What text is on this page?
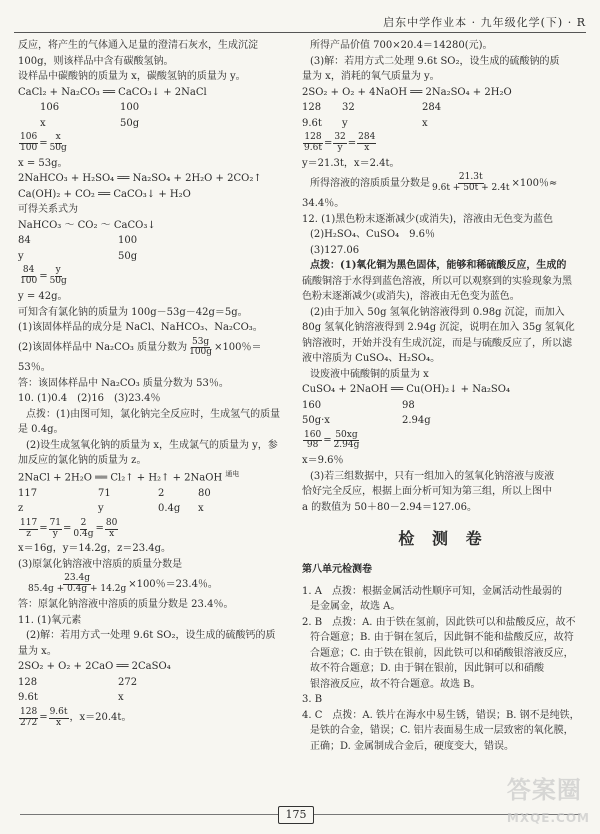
启东中学作业本 · 九年级化学(下) · R

反应，将产生的气体通入足量的澄清石灰水，生成沉淀

100g，则该样品中含有碳酸氢钠。

设样品中碳酸钠的质量为 x，碳酸氢钠的质量为 y。

CaCl₂ + Na₂CO₃ ══ CaCO₃↓ + 2NaCl

106	100
x	50g
$\frac{106}{100} = \frac{x}{50g}$

x = 53g。

2NaHCO₃ + H₂SO₄ ══ Na₂SO₄ + 2H₂O + 2CO₂↑

Ca(OH)₂ + CO₂ ══ CaCO₃↓ + H₂O

可得关系式为

NaHCO₃ ～ CO₂ ～ CaCO₃↓

84	100
y	50g
$\frac{84}{100} = \frac{y}{50g}$

y = 42g。

可知含有氯化钠的质量为 100g－53g－42g＝5g。

(1)该固体样品的成分是 NaCl、NaHCO₃、Na₂CO₃。

(2)该固体样品中 Na₂CO₃ 质量分数为 $\frac{53g}{100g} \times 100$％＝

53％。

答：该固体样品中 Na₂CO₃ 质量分数为 53％。

10. (1)0.4　(2)16　(3)23.4％

点拨：(1)由图可知，氯化钠完全反应时，生成氢气的质量

是 0.4g。

(2)设生成氢氧化钠的质量为 x，生成氯气的质量为 y，参

加反应的氯化钠的质量为 z。

2NaCl + 2H₂O ══ Cl₂↑ + H₂↑ + 2NaOH $^{通电}$

117	71	2	80
z	y	0.4g	x
$\frac{117}{z} = \frac{71}{y} = \frac{2}{0.4g} = \frac{80}{x}$

x＝16g，y＝14.2g，z＝23.4g。

(3)原氯化钠溶液中溶质的质量分数是

$\frac{23.4g}{85.4g + 0.4g + 14.2g} \times 100$％＝23.4％。

答：原氯化钠溶液中溶质的质量分数是 23.4％。

11. (1)氧元素

(2)解：若用方式一处理 9.6t SO₂，设生成的硫酸钙的质

量为 x。

2SO₂ + O₂ + 2CaO ══ 2CaSO₄

128	272
9.6t	x
$\frac{128}{272} = \frac{9.6t}{x}$ ，x＝20.4t。

所得产品价值 700×20.4＝14280(元)。

(3)解：若用方式二处理 9.6t SO₂，设生成的硫酸钠的质

量为 x，消耗的氧气质量为 y。

2SO₂ + O₂ + 4NaOH ══ 2Na₂SO₄ + 2H₂O

128	32	284
9.6t	y	x
$\frac{128}{9.6t} = \frac{32}{y} = \frac{284}{x}$

y＝21.3t，x＝2.4t。

所得溶液的溶质质量分数是 $\frac{21.3t}{9.6t + 50t + 2.4t} \times 100$％≈

34.4％。

12. (1)黑色粉末逐渐减少(或消失)，溶液由无色变为蓝色

(2)H₂SO₄、CuSO₄　9.6％

(3)127.06

点拨：(1)氧化铜为黑色固体，能够和稀硫酸反应，生成的

硫酸铜溶于水得到蓝色溶液，所以可以观察到的实验现象为黑

色粉末逐渐减少(或消失)，溶液由无色变为蓝色。

(2)由于加入 50g 氢氧化钠溶液得到 0.98g 沉淀，而加入

80g 氢氧化钠溶液得到 2.94g 沉淀，说明在加入 35g 氢氧化

钠溶液时，开始并没有生成沉淀，而是与硫酸反应了，所以滤

液中溶质为 CuSO₄、H₂SO₄。

设废液中硫酸铜的质量为 x

CuSO₄ + 2NaOH ══ Cu(OH)₂↓ + Na₂SO₄

160	98
50g·x	2.94g
$\frac{160}{98} = \frac{50xg}{2.94g}$

x＝9.6％

(3)若三组数据中，只有一组加入的氢氧化钠溶液与废液

恰好完全反应，根据上面分析可知为第三组，所以上图中

a 的数值为 50＋80－2.94＝127.06。

检 测 卷
第八单元检测卷

1. A　点拨：根据金属活动性顺序可知，金属活动性最弱的

是金属金，故选 A。

2. B　点拨：A. 由于铁在氢前，因此铁可以和盐酸反应，故不

符合题意；B. 由于铜在氢后，因此铜不能和盐酸反应，故符

合题意；C. 由于铁在银前，因此铁可以和硝酸银溶液反应，

故不符合题意；D. 由于铜在银前，因此铜可以和硝酸

银溶液反应，故不符合题意。故选 B。

3. B

4. C　点拨：A. 铁片在海水中易生锈，错误；B. 钢不是纯铁，

是铁的合金，错误；C. 铝片表面易生成一层致密的氧化膜，

正确；D. 金属制成合金后，硬度变大，错误。

175
答案圈
MXQE.COM
